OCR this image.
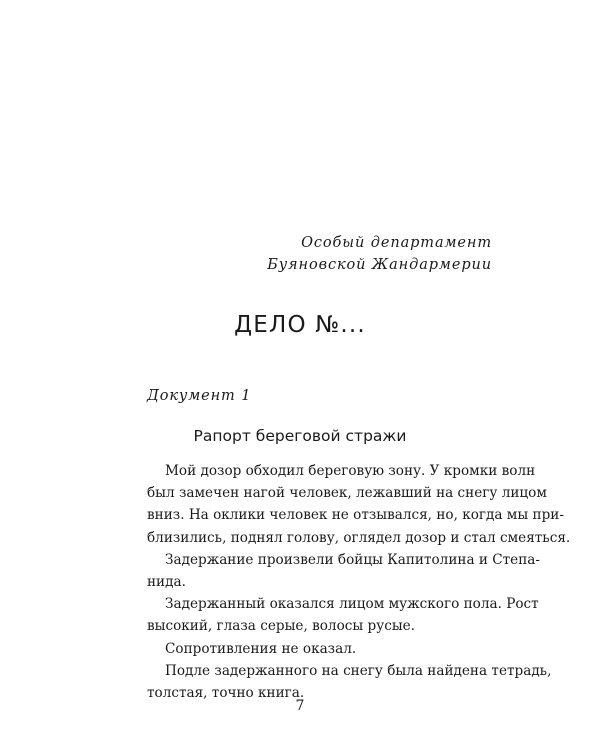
Особый департамент
Буяновской Жандармерии
ДЕЛО №...
Документ 1
Рапорт береговой стражи
Мой дозор обходил береговую зону. У кромки волн
был замечен нагой человек, лежавший на снегу лицом
вниз. На оклики человек не отзывался, но, когда мы при-
близились, поднял голову, оглядел дозор и стал смеяться.
Задержание произвели бойцы Капитолина и Степа-
нида.
Задержанный оказался лицом мужского пола. Рост
высокий, глаза серые, волосы русые.
Сопротивления не оказал.
Подле задержанного на снегу была найдена тетрадь,
толстая, точно книга.
7
